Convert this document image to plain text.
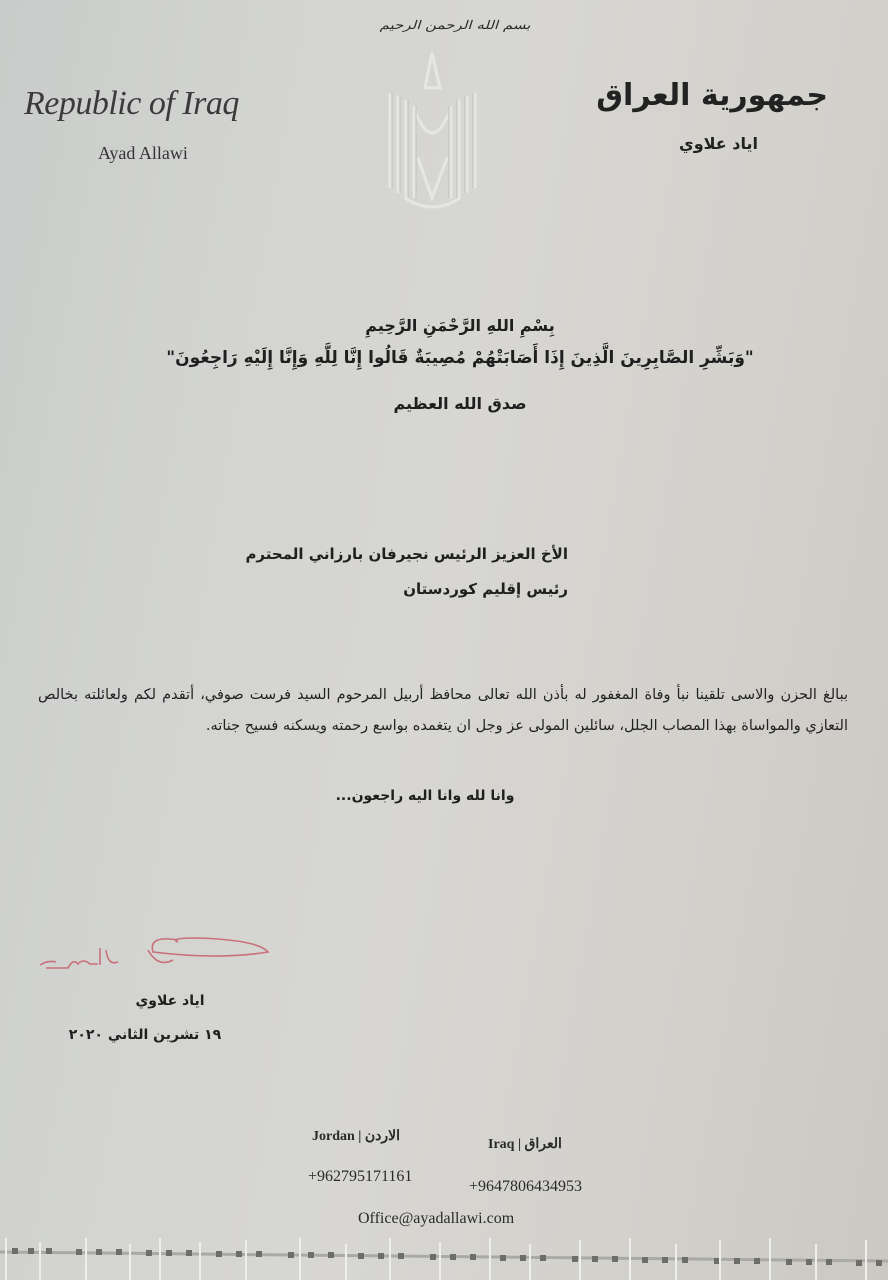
بسم الله الرحمن الرحيم
Republic of Iraq
Ayad Allawi
جمهورية العراق
اياد علاوي
بِسْمِ اللهِ الرَّحْمَنِ الرَّحِيمِ
"وَبَشِّرِ الصَّابِرِينَ الَّذِينَ إِذَا أَصَابَتْهُمْ مُصِيبَةٌ قَالُوا إِنَّا لِلَّهِ وَإِنَّا إِلَيْهِ رَاجِعُونَ"
صدق الله العظيم
الأخ العزيز الرئيس نجيرفان بارزاني المحترم
رئيس إقليم كوردستان
ببالغ الحزن والاسى تلقينا نبأ وفاة المغفور له بأذن الله تعالى محافظ أربيل المرحوم السيد فرست صوفي، أتقدم لكم ولعائلته بخالص التعازي والمواساة بهذا المصاب الجلل، سائلين المولى عز وجل ان يتغمده بواسع رحمته ويسكنه فسيح جناته.
وانا لله وانا اليه راجعون...
اياد علاوي
١٩ تشرين الثاني ٢٠٢٠
Jordan | الاردن
Iraq | العراق
+962795171161
+9647806434953
Office@ayadallawi.com
